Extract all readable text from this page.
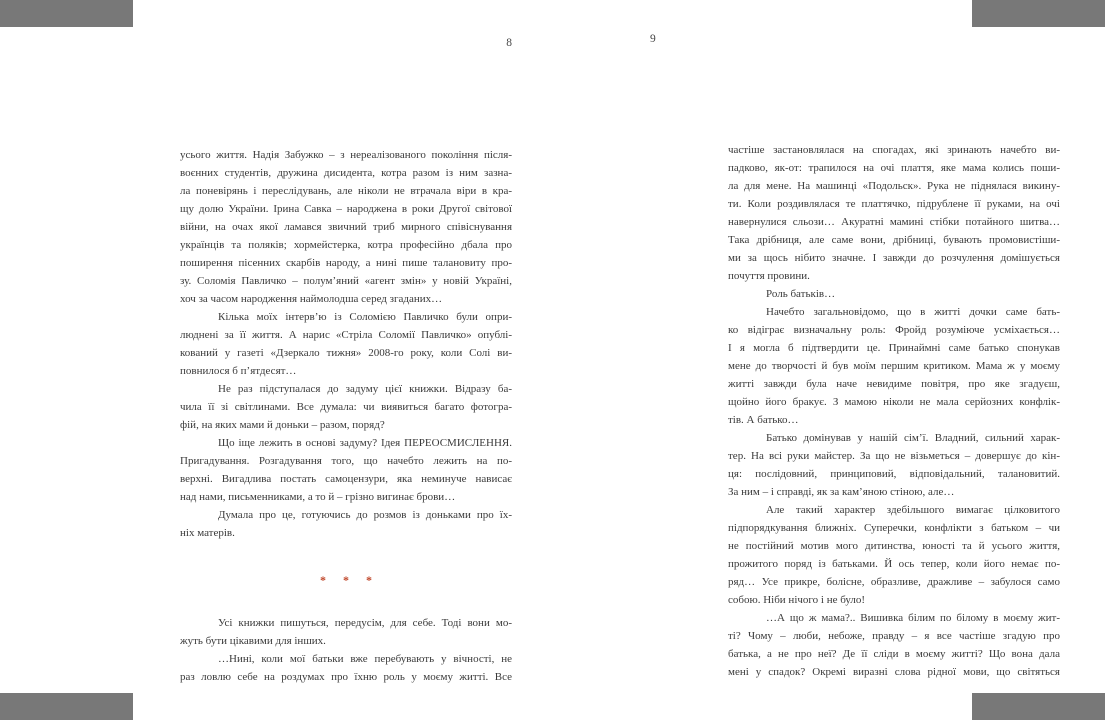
8	9
усього життя. Надія Забужко – з нереалізованого покоління після-
воєнних студентів, дружина дисидента, котра разом із ним зазна-
ла поневірянь і переслідувань, але ніколи не втрачала віри в кра-
щу долю України. Ірина Савка – народжена в роки Другої світової
війни, на очах якої ламався звичний триб мирного співіснування
українців та поляків; хормейстерка, котра професійно дбала про
поширення пісенних скарбів народу, а нині пише талановиту про-
зу. Соломія Павличко – полум’яний «агент змін» у новій Україні,
хоч за часом народження наймолодша серед згаданих…
Кілька моїх інтерв’ю із Соломією Павличко були опри-
люднені за її життя. А нарис «Стріла Соломії Павличко» опублі-
кований у газеті «Дзеркало тижня» 2008-го року, коли Солі ви-
повнилося б п’ятдесят…
Не раз підступалася до задуму цієї книжки. Відразу ба-
чила її зі світлинами. Все думала: чи виявиться багато фотогра-
фій, на яких мами й доньки – разом, поряд?
Що іще лежить в основі задуму? Ідея ПЕРЕОСМИСЛЕННЯ.
Пригадування. Розгадування того, що начебто лежить на по-
верхні. Вигадлива постать самоцензури, яка неминуче нависає
над нами, письменниками, а то й – грізно вигинає брови…
Думала про це, готуючись до розмов із доньками про їх-
ніх матерів.
* * *
Усі книжки пишуться, передусім, для себе. Тоді вони мо-
жуть бути цікавими для інших.
…Нині, коли мої батьки вже перебувають у вічності, не
раз ловлю себе на роздумах про їхню роль у моєму житті. Все
частіше застановлялася на спогадах, які зринають начебто ви-
падково, як-от: трапилося на очі плаття, яке мама колись поши-
ла для мене. На машинці «Подольск». Рука не піднялася викину-
ти. Коли роздивлялася те платтячко, підрублене її руками, на очі
навернулися сльози… Акуратні мамині стібки потайного шитва…
Така дрібниця, але саме вони, дрібниці, бувають промовистіши-
ми за щось нібито значне. І завжди до розчулення домішується
почуття провини.
Роль батьків…
Начебто загальновідомо, що в житті дочки саме бать-
ко відіграє визначальну роль: Фройд розуміюче усміхається…
І я могла б підтвердити це. Принаймні саме батько спонукав
мене до творчості й був моїм першим критиком. Мама ж у моєму
житті завжди була наче невидиме повітря, про яке згадуєш,
щойно його бракує. З мамою ніколи не мала серйозних конфлік-
тів. А батько…
Батько домінував у нашій сім’ї. Владний, сильний харак-
тер. На всі руки майстер. За що не візьметься – довершує до кін-
ця: послідовний, принциповий, відповідальний, талановитий.
За ним – і справді, як за кам’яною стіною, але…
Але такий характер здебільшого вимагає цілковитого
підпорядкування ближніх. Суперечки, конфлікти з батьком – чи
не постійний мотив мого дитинства, юності та й усього життя,
прожитого поряд із батьками. Й ось тепер, коли його немає по-
ряд… Усе прикре, болісне, образливе, дражливе – забулося само
собою. Ніби нічого і не було!
…А що ж мама?.. Вишивка білим по білому в моєму жит-
ті? Чому – люби, небоже, правду – я все частіше згадую про
батька, а не про неї? Де її сліди в моєму житті? Що вона дала
мені у спадок? Окремі виразні слова рідної мови, що світяться
